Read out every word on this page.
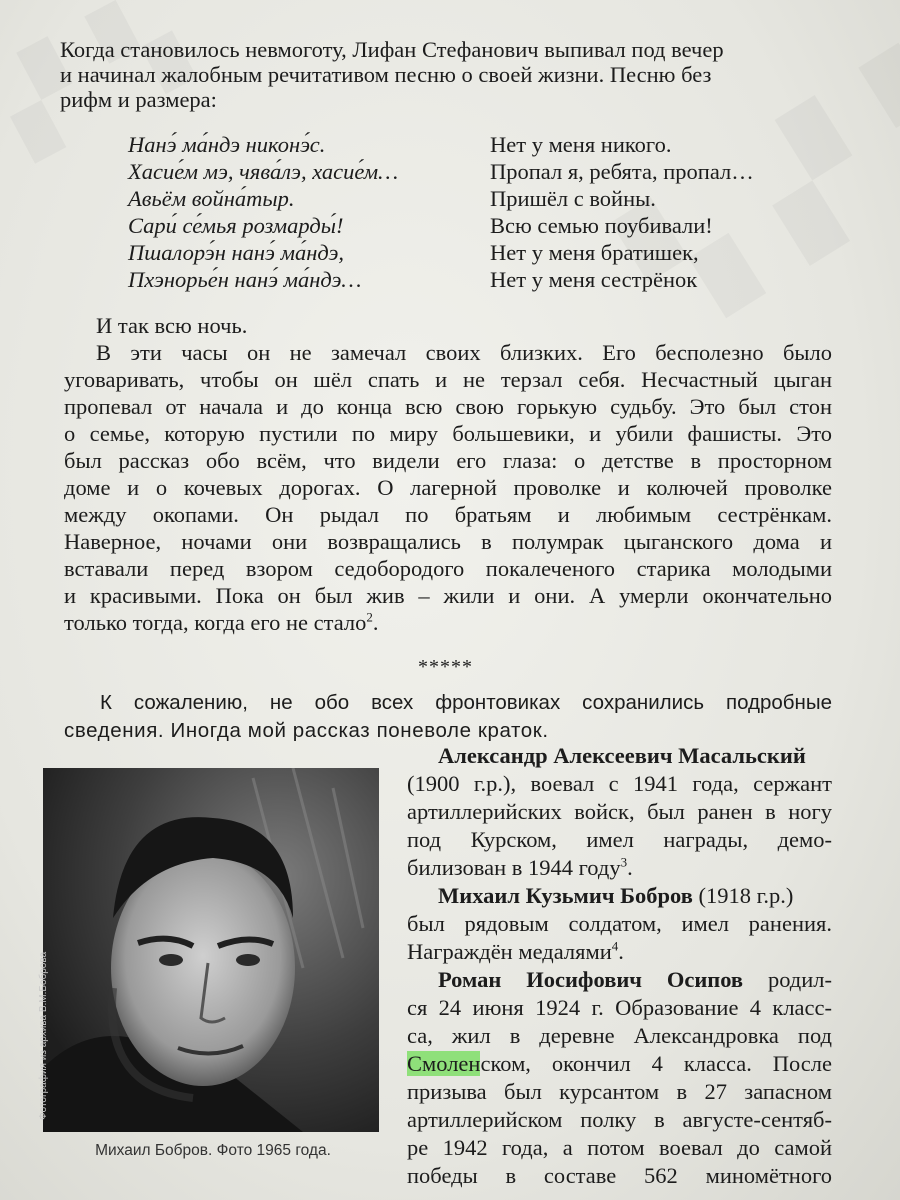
Когда становилось невмоготу, Лифан Стефанович выпивал под вечер
и начинал жалобным речитативом песню о своей жизни. Песню без
рифм и размера:
Нанэ́ ма́ндэ никонэ́с.
Хасие́м мэ, чява́лэ, хасие́м…
Авьём война́тыр.
Сари́ се́мья розмарды́!
Пшалорэ́н нанэ́ ма́ндэ,
Пхэнорье́н нанэ́ ма́ндэ…
Нет у меня никого.
Пропал я, ребята, пропал…
Пришёл с войны.
Всю семью поубивали!
Нет у меня братишек,
Нет у меня сестрёнок
И так всю ночь.
В эти часы он не замечал своих близких. Его бесполезно было
уговаривать, чтобы он шёл спать и не терзал себя. Несчастный цыган
пропевал от начала и до конца всю свою горькую судьбу. Это был стон
о семье, которую пустили по миру большевики, и убили фашисты. Это
был рассказ обо всём, что видели его глаза: о детстве в просторном
доме и о кочевых дорогах. О лагерной проволке и колючей проволке
между окопами. Он рыдал по братьям и любимым сестрёнкам.
Наверное, ночами они возвращались в полумрак цыганского дома и
вставали перед взором седобородого покалеченого старика молодыми
и красивыми. Пока он был жив – жили и они. А умерли окончательно
только тогда, когда его не стало$^2$.
*****
К сожалению, не обо всех фронтовиках сохранились подробные
сведения. Иногда мой рассказ поневоле краток.
Фотография из архива В.М.Боброва
Михаил Бобров. Фото 1965 года.
Александр Алексеевич Масальский
(1900 г.р.), воевал с 1941 года, сержант
артиллерийских войск, был ранен в ногу
под Курском, имел награды, демо-
билизован в 1944 году$^3$.
Михаил Кузьмич Бобров (1918 г.р.)
был рядовым солдатом, имел ранения.
Награждён медалями$^4$.
Роман Иосифович Осипов родил-
ся 24 июня 1924 г. Образование 4 класс-
са, жил в деревне Александровка под
Смоленском, окончил 4 класса. После
призыва был курсантом в 27 запасном
артиллерийском полку в августе-сентяб-
ре 1942 года, а потом воевал до самой
победы в составе 562 миномётного
